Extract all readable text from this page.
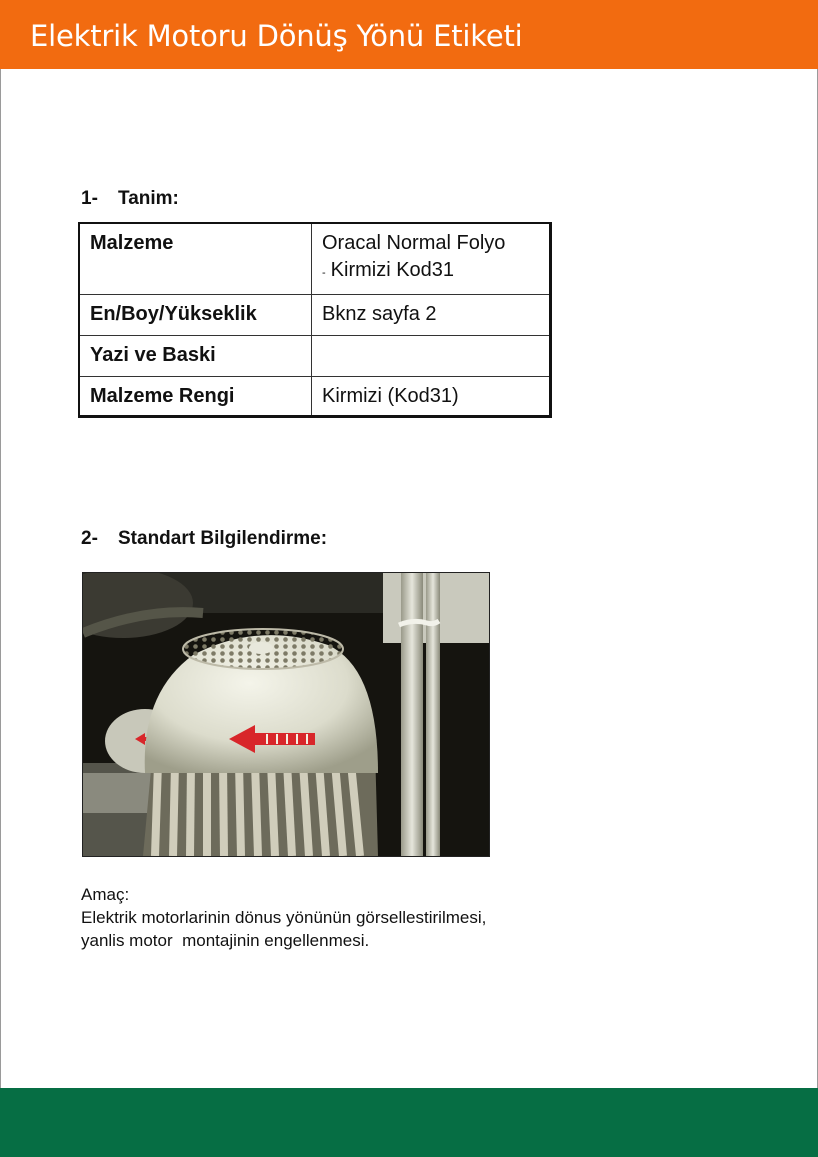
Elektrik Motoru Dönüş Yönü Etiketi
1- Tanim:
Malzeme	Oracal Normal Folyo
- Kirmizi Kod31

En/Boy/Yükseklik	Bknz sayfa 2
Yazi ve Baski	
Malzeme Rengi	Kirmizi (Kod31)
2- Standart Bilgilendirme:
Amaç:
Elektrik motorlarinin dönus yönünün görsellestirilmesi,
yanlis motor  montajinin engellenmesi.
